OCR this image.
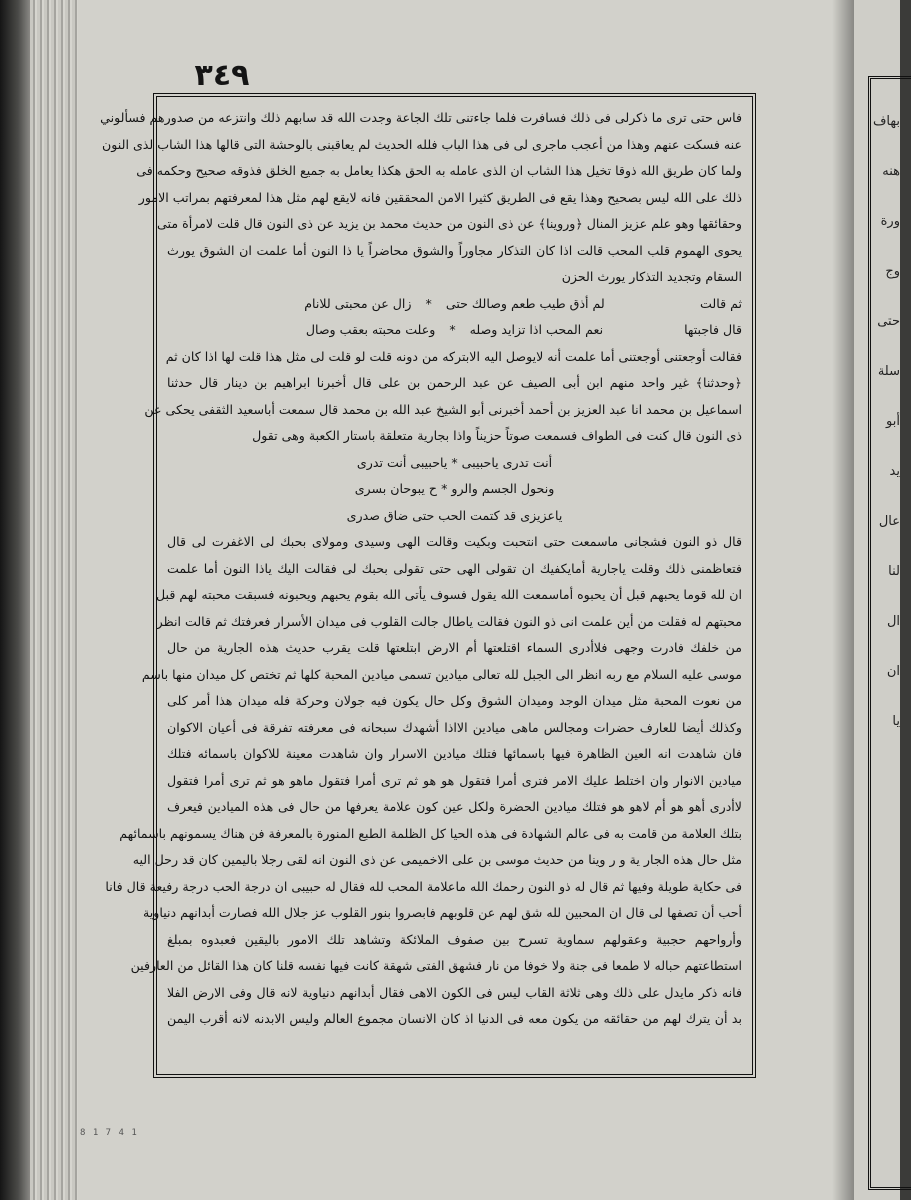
٣٤٩
فاس حتى ترى ما ذكرلى فى ذلك فسافرت فلما جاءتنى تلك الجاعة وجدت الله قد سابهم ذلك وانتزعه من صدورهم فسألوني
عنه فسكت عنهم وهذا من أعجب ماجرى لى فى هذا الباب فلله الحديث لم يعاقبنى بالوحشة التى قالها هذا الشاب لذى النون
ولما كان طريق الله ذوقا تخيل هذا الشاب ان الذى عامله به الحق هكذا يعامل به جميع الخلق فذوقه صحيح وحكمه فى
ذلك على الله ليس بصحيح وهذا يقع فى الطريق كثيرا الامن المحققين فانه لايقع لهم مثل هذا لمعرفتهم بمراتب الامور
وحقائقها وهو علم عزيز المنال ﴿وروينا﴾ عن ذى النون من حديث محمد بن يزيد عن ذى النون قال قلت لامرأة متى
يحوى الهموم قلب المحب قالت اذا كان التذكار مجاوراً والشوق محاضراً يا ذا النون أما علمت ان الشوق يورث
السقام وتجديد التذكار يورث الحزن
ثم قالت
لم أذق طيب طعم وصالك حتى * زال عن محبتى للانام
قال فاجبتها
نعم المحب اذا تزايد وصله * وعلت محبته بعقب وصال
فقالت أوجعتنى أوجعتنى أما علمت أنه لايوصل اليه الابتركه من دونه قلت لو قلت لى مثل هذا قلت لها اذا كان ثم
﴿وحدثنا﴾ غير واحد منهم ابن أبى الصيف عن عبد الرحمن بن على قال أخبرنا ابراهيم بن دينار قال حدثنا
اسماعيل بن محمد انا عبد العزيز بن أحمد أخبرنى أبو الشيخ عبد الله بن محمد قال سمعت أباسعيد الثقفى يحكى عن
ذى النون قال كنت فى الطواف فسمعت صوتاً حزيناً واذا بجارية متعلقة باستار الكعبة وهى تقول
أنت تدرى ياحبيبى * ياحبيبى أنت تدرى
ونحول الجسم والرو * ح يبوحان بسرى
ياعزيزى قد كتمت الحب حتى ضاق صدرى
قال ذو النون فشجانى ماسمعت حتى انتحبت وبكيت وقالت الهى وسيدى ومولاى بحبك لى الاغفرت لى قال
فتعاظمنى ذلك وقلت ياجارية أمايكفيك ان تقولى الهى حتى تقولى بحبك لى فقالت اليك ياذا النون أما علمت
ان لله قوما يحبهم قبل أن يحبوه أماسمعت الله يقول فسوف يأتى الله بقوم يحبهم ويحبونه فسبقت محبته لهم قبل
محبتهم له فقلت من أين علمت انى ذو النون فقالت ياطال جالت القلوب فى ميدان الأسرار فعرفتك ثم قالت انظر
من خلفك فادرت وجهى فلاأدرى السماء اقتلعتها أم الارض ابتلعتها قلت يقرب حديث هذه الجارية من حال
موسى عليه السلام مع ربه انظر الى الجبل لله تعالى ميادين تسمى ميادين المحبة كلها ثم تختص كل ميدان منها باسم
من نعوت المحبة مثل ميدان الوجد وميدان الشوق وكل حال يكون فيه جولان وحركة فله ميدان هذا أمر كلى
وكذلك أيضا للعارف حضرات ومجالس ماهى ميادين الااذا أشهدك سبحانه فى معرفته تفرقة فى أعيان الاكوان
فان شاهدت انه العين الظاهرة فيها باسمائها فتلك ميادين الاسرار وان شاهدت معينة للاكوان باسمائه فتلك
ميادين الانوار وان اختلط عليك الامر فترى أمرا فتقول هو هو ثم ترى أمرا فتقول ماهو هو ثم ترى أمرا فتقول
لاأدرى أهو هو أم لاهو هو فتلك ميادين الحضرة ولكل عين كون علامة يعرفها من حال فى هذه الميادين فيعرف
بتلك العلامة من قامت به فى عالم الشهادة فى هذه الحيا كل الظلمة الطبع المنورة بالمعرفة فن هناك يسمونهم باسمائهم
مثل حال هذه الجار ية و ر وينا من حديث موسى بن على الاخميمى عن ذى النون انه لقى رجلا باليمين كان قد رحل اليه
فى حكاية طويلة وفيها ثم قال له ذو النون رحمك الله ماعلامة المحب لله فقال له حبيبى ان درجة الحب درجة رفيعة قال فانا
أحب أن تصفها لى قال ان المحبين لله شق لهم عن قلوبهم فابصروا بنور القلوب عز جلال الله فصارت أبدانهم دنياوية
وأرواحهم حجبية وعقولهم سماوية تسرح بين صفوف الملائكة وتشاهد تلك الامور باليقين فعبدوه بمبلغ
استطاعتهم حباله لا طمعا فى جنة ولا خوفا من نار فشهق الفتى شهقة كانت فيها نفسه قلنا كان هذا القائل من العارفين
فانه ذكر مايدل على ذلك وهى ثلاثة القاب ليس فى الكون الاهى فقال أبدانهم دنياوية لانه قال وفى الارض الفلا
بد أن يترك لهم من حقائقه من يكون معه فى الدنيا اذ كان الانسان مجموع العالم وليس الابدنه لانه أقرب اليمن
8 1 7 4 1

بهاف

هنه

ورة

وج

حتى

سلة

أبو

يد

عال

لنا

ال

ان

يا
